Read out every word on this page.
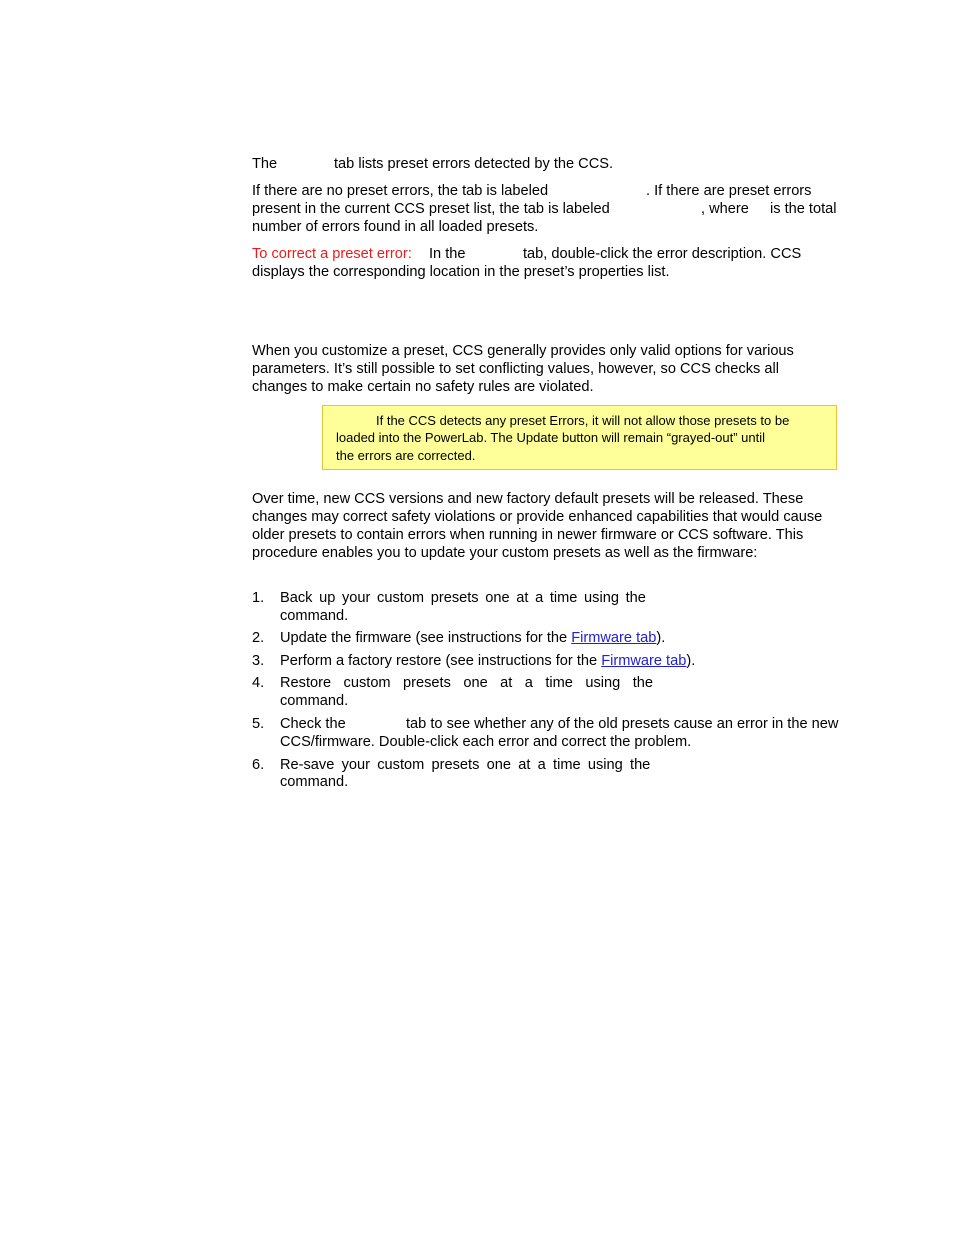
The	tab lists preset errors detected by the CCS.
If there are no preset errors, the tab is labeled	. If there are preset errors
present in the current CCS preset list, the tab is labeled	, where is the total
number of errors found in all loaded presets.
To correct a preset error: In the	tab, double-click the error description. CCS
displays the corresponding location in the preset’s properties list.
When you customize a preset, CCS generally provides only valid options for various
parameters. It’s still possible to set conflicting values, however, so CCS checks all
changes to make certain no safety rules are violated.
If the CCS detects any preset Errors, it will not allow those presets to be
loaded into the PowerLab. The Update button will remain “grayed-out” until
the errors are corrected.
Over time, new CCS versions and new factory default presets will be released. These
changes may correct safety violations or provide enhanced capabilities that would cause
older presets to contain errors when running in newer firmware or CCS software. This
procedure enables you to update your custom presets as well as the firmware:
1. Back up your custom presets one at a time using the
command.
2. Update the firmware (see instructions for the Firmware tab).
3. Perform a factory restore (see instructions for the Firmware tab).
4. Restore custom presets one at a time using the
command.
5. Check the	tab to see whether any of the old presets cause an error in the new
CCS/firmware. Double-click each error and correct the problem.
6. Re-save your custom presets one at a time using the
command.
